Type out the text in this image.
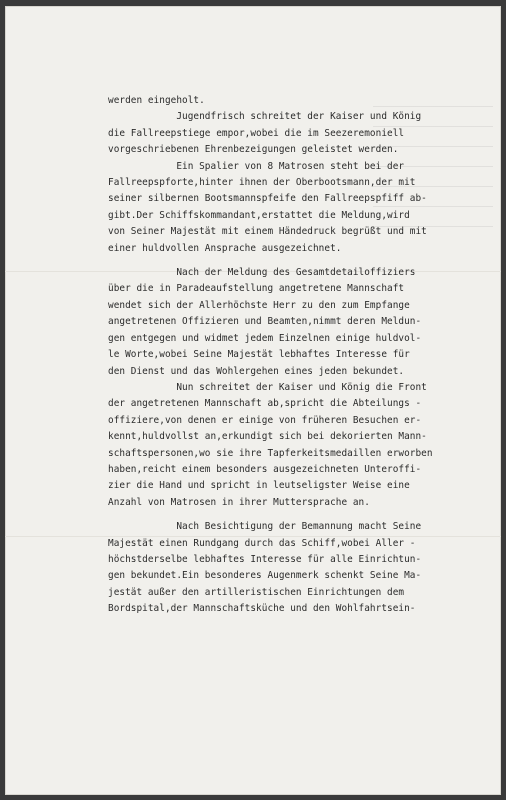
werden eingeholt.
Jugendfrisch schreitet der Kaiser und König
die Fallreepstiege empor,wobei die im Seezeremoniell
vorgeschriebenen Ehrenbezeigungen geleistet werden.
Ein Spalier von 8 Matrosen steht bei der
Fallreepspforte,hinter ihnen der Oberbootsmann,der mit
seiner silbernen Bootsmannspfeife den Fallreepspfiff ab-
gibt.Der Schiffskommandant,erstattet die Meldung,wird
von Seiner Majestät mit einem Händedruck begrüßt und mit
einer huldvollen Ansprache ausgezeichnet.
Nach der Meldung des Gesamtdetailoffiziers
über die in Paradeaufstellung angetretene Mannschaft
wendet sich der Allerhöchste Herr zu den zum Empfange
angetretenen Offizieren und Beamten,nimmt deren Meldun-
gen entgegen und widmet jedem Einzelnen einige huldvol-
le Worte,wobei Seine Majestät lebhaftes Interesse für
den Dienst und das Wohlergehen eines jeden bekundet.
Nun schreitet der Kaiser und König die Front
der angetretenen Mannschaft ab,spricht die Abteilungs -
offiziere,von denen er einige von früheren Besuchen er-
kennt,huldvollst an,erkundigt sich bei dekorierten Mann-
schaftspersonen,wo sie ihre Tapferkeitsmedaillen erworben
haben,reicht einem besonders ausgezeichneten Unteroffi-
zier die Hand und spricht in leutseligster Weise eine
Anzahl von Matrosen in ihrer Muttersprache an.
Nach Besichtigung der Bemannung macht Seine
Majestät einen Rundgang durch das Schiff,wobei Aller -
höchstderselbe lebhaftes Interesse für alle Einrichtun-
gen bekundet.Ein besonderes Augenmerk schenkt Seine Ma-
jestät außer den artilleristischen Einrichtungen dem
Bordspital,der Mannschaftsküche und den Wohlfahrtsein-
